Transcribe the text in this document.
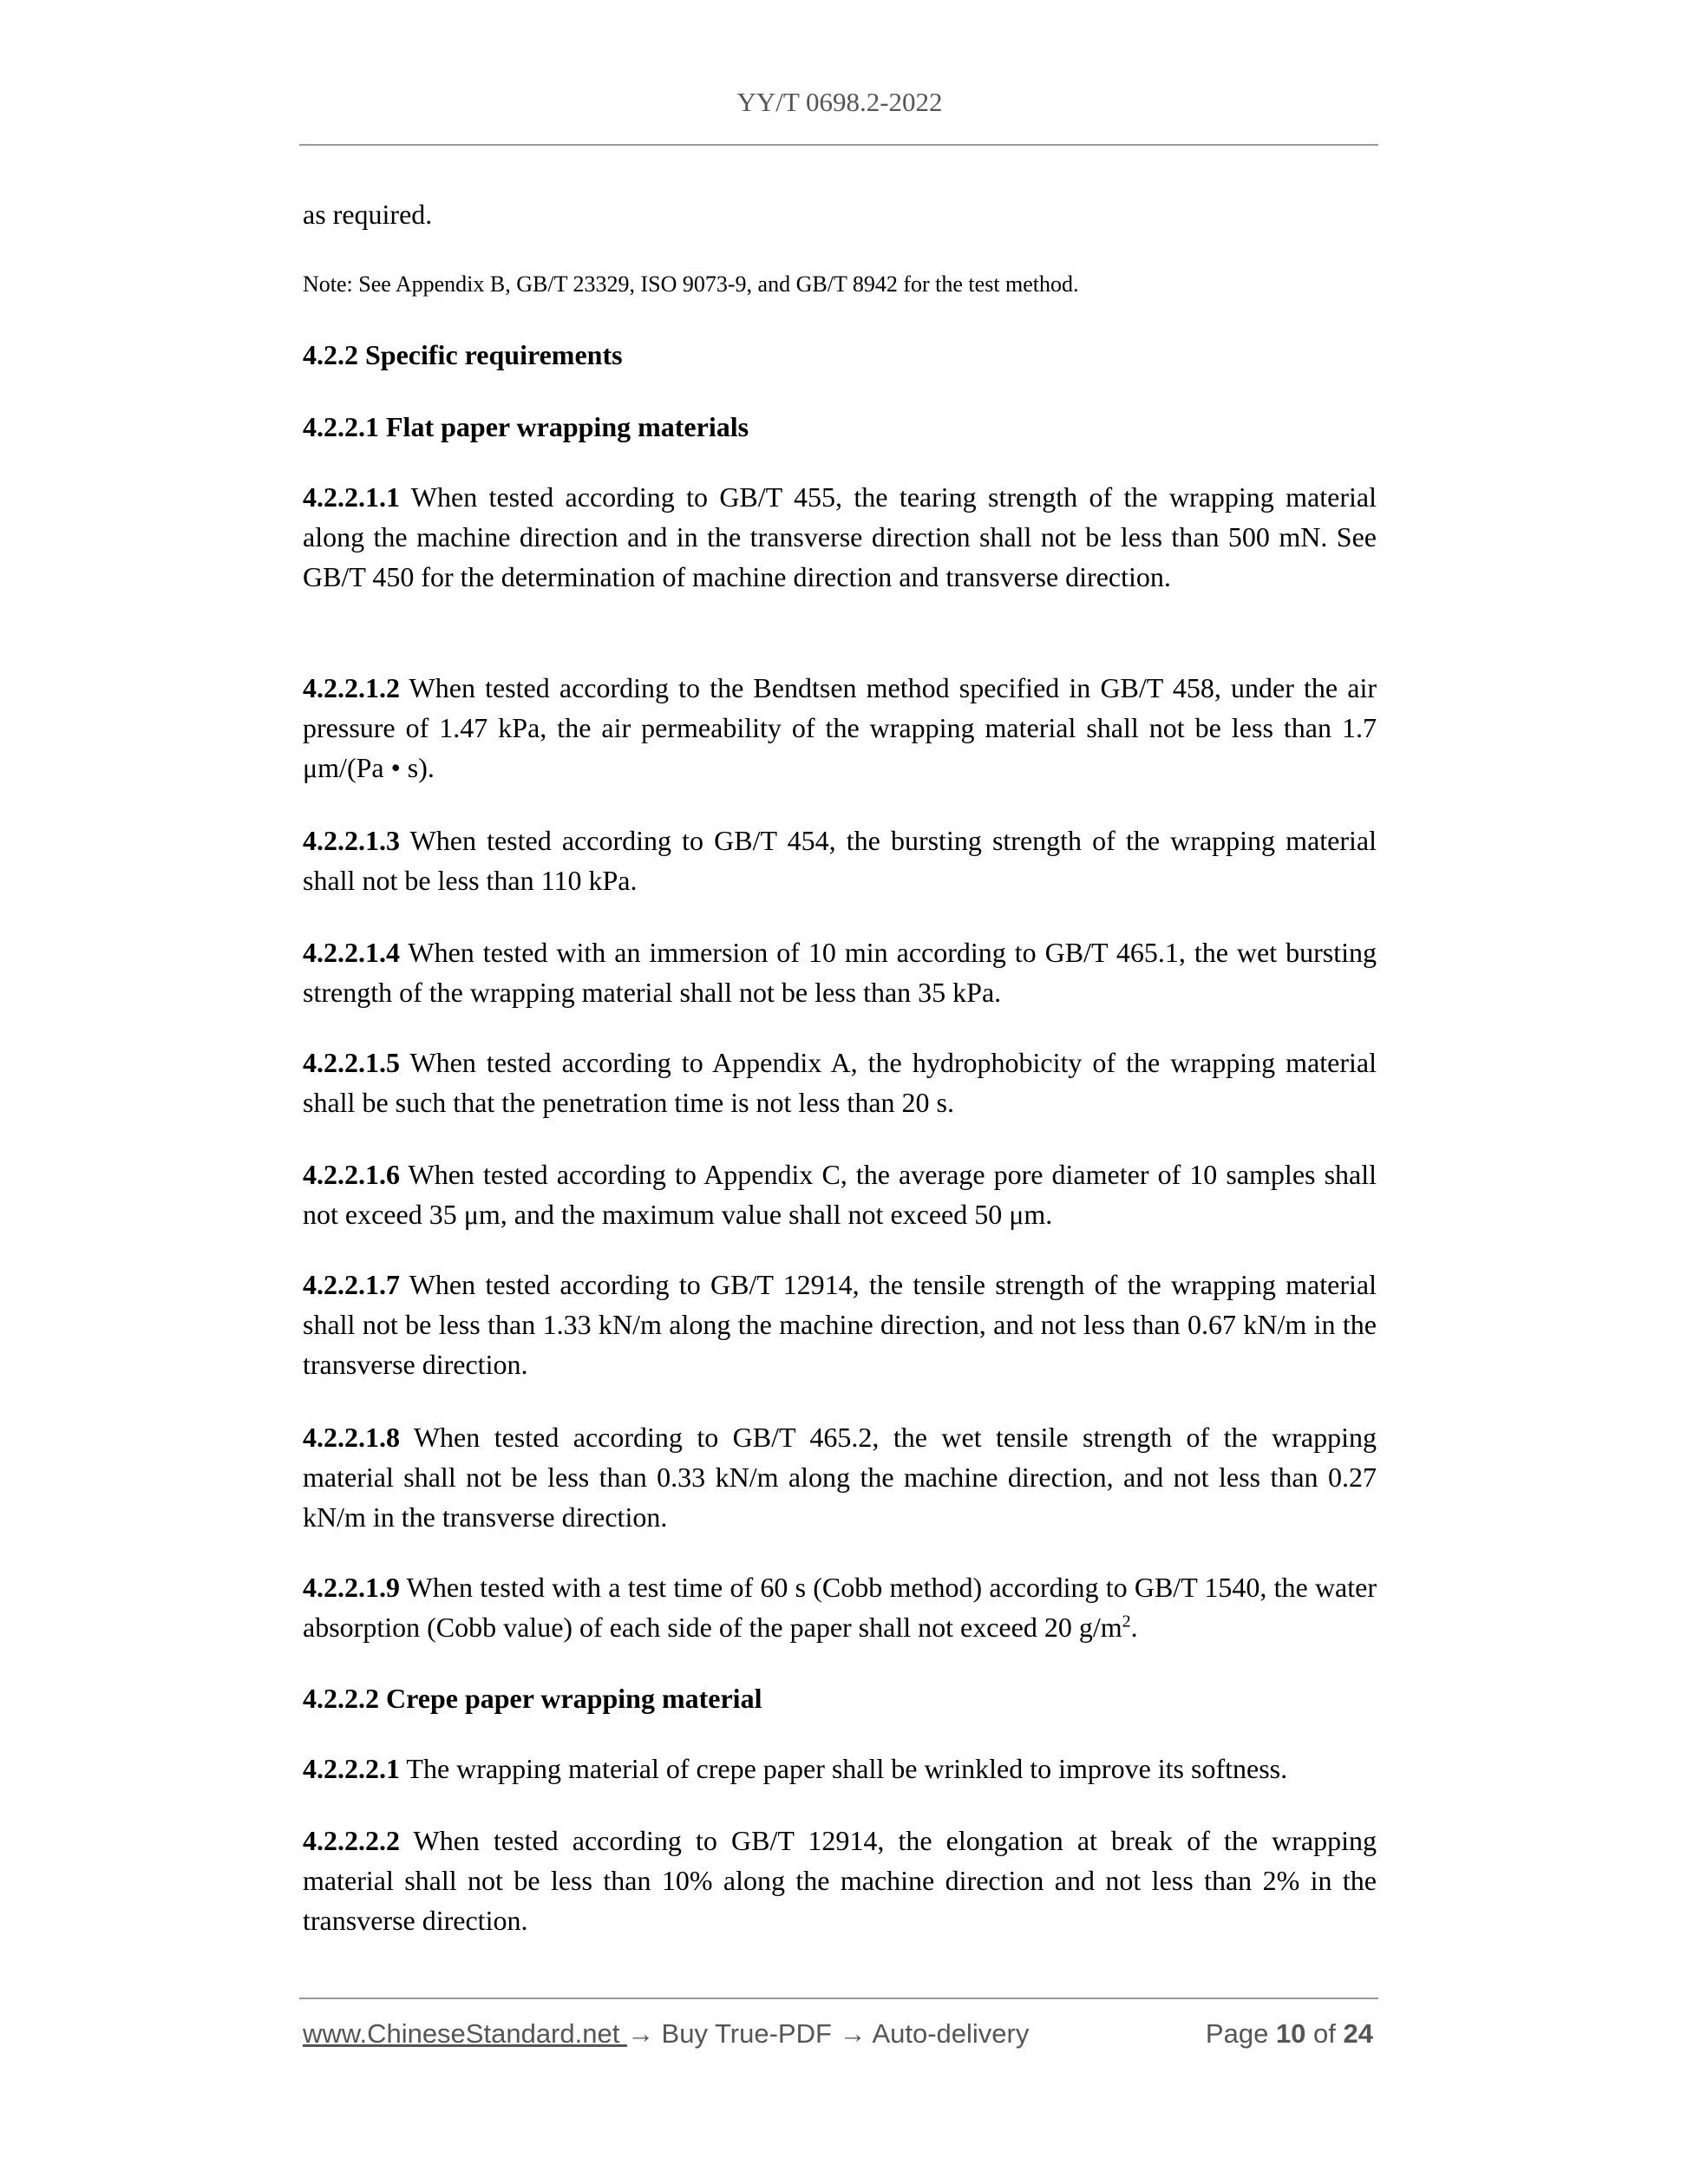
YY/T 0698.2-2022
as required.
Note: See Appendix B, GB/T 23329, ISO 9073-9, and GB/T 8942 for the test method.
4.2.2 Specific requirements
4.2.2.1 Flat paper wrapping materials
4.2.2.1.1 When tested according to GB/T 455, the tearing strength of the wrapping material along the machine direction and in the transverse direction shall not be less than 500 mN. See GB/T 450 for the determination of machine direction and transverse direction.
4.2.2.1.2 When tested according to the Bendtsen method specified in GB/T 458, under the air pressure of 1.47 kPa, the air permeability of the wrapping material shall not be less than 1.7 μm/(Pa • s).
4.2.2.1.3 When tested according to GB/T 454, the bursting strength of the wrapping material shall not be less than 110 kPa.
4.2.2.1.4 When tested with an immersion of 10 min according to GB/T 465.1, the wet bursting strength of the wrapping material shall not be less than 35 kPa.
4.2.2.1.5 When tested according to Appendix A, the hydrophobicity of the wrapping material shall be such that the penetration time is not less than 20 s.
4.2.2.1.6 When tested according to Appendix C, the average pore diameter of 10 samples shall not exceed 35 μm, and the maximum value shall not exceed 50 μm.
4.2.2.1.7 When tested according to GB/T 12914, the tensile strength of the wrapping material shall not be less than 1.33 kN/m along the machine direction, and not less than 0.67 kN/m in the transverse direction.
4.2.2.1.8 When tested according to GB/T 465.2, the wet tensile strength of the wrapping material shall not be less than 0.33 kN/m along the machine direction, and not less than 0.27 kN/m in the transverse direction.
4.2.2.1.9 When tested with a test time of 60 s (Cobb method) according to GB/T 1540, the water absorption (Cobb value) of each side of the paper shall not exceed 20 $g/m^2$.
4.2.2.2 Crepe paper wrapping material
4.2.2.2.1 The wrapping material of crepe paper shall be wrinkled to improve its softness.
4.2.2.2.2 When tested according to GB/T 12914, the elongation at break of the wrapping material shall not be less than 10% along the machine direction and not less than 2% in the transverse direction.
www.ChineseStandard.net → Buy True-PDF → Auto-delivery	Page 10 of 24
